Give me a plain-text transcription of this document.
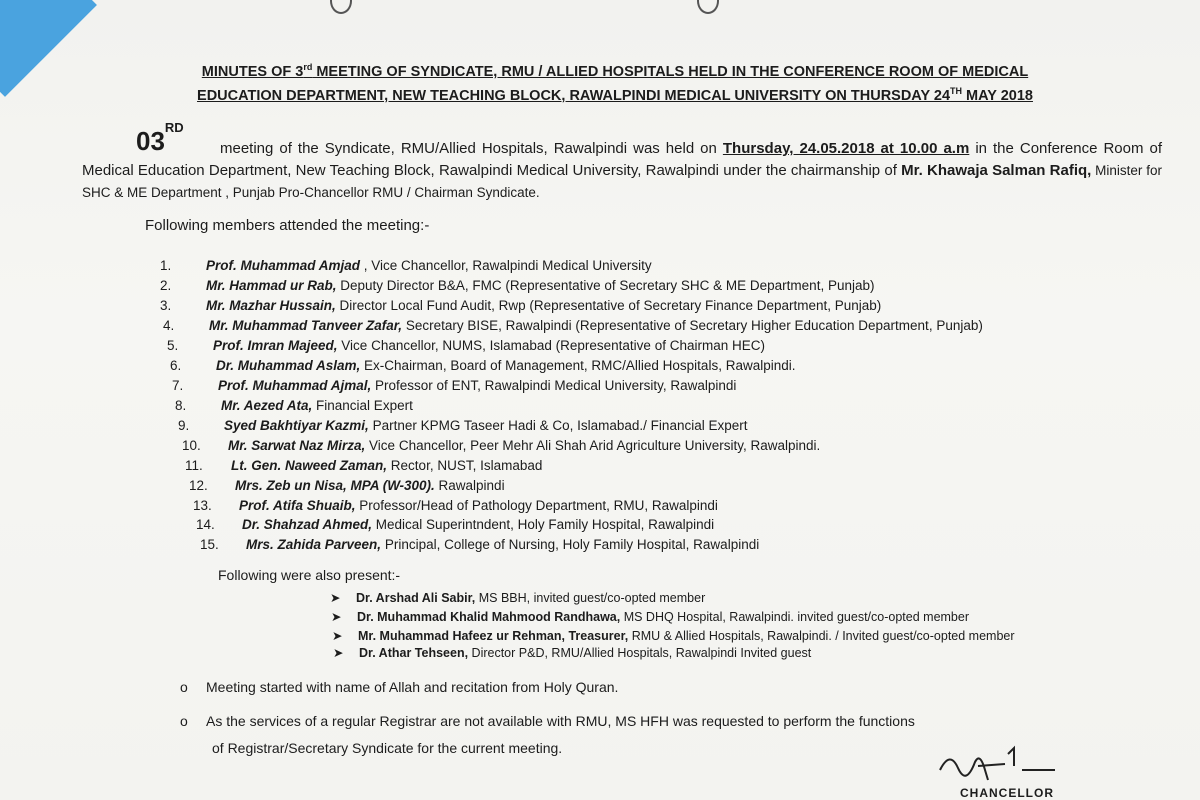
MINUTES OF 3rd MEETING OF SYNDICATE, RMU / ALLIED HOSPITALS HELD IN THE CONFERENCE ROOM OF MEDICAL
EDUCATION DEPARTMENT, NEW TEACHING BLOCK, RAWALPINDI MEDICAL UNIVERSITY ON THURSDAY 24TH MAY 2018
03RD
meeting of the Syndicate, RMU/Allied Hospitals, Rawalpindi was held on Thursday, 24.05.2018 at 10.00 a.m in the Conference Room of Medical Education Department, New Teaching Block, Rawalpindi Medical University, Rawalpindi under the chairmanship of Mr. Khawaja Salman Rafiq, Minister for SHC & ME Department , Punjab Pro-Chancellor RMU / Chairman Syndicate.
Following members attended the meeting:-
1.	Prof. Muhammad Amjad , Vice Chancellor, Rawalpindi Medical University
2.	Mr. Hammad ur Rab, Deputy Director B&A, FMC (Representative of Secretary SHC & ME Department, Punjab)
3.	Mr. Mazhar Hussain, Director Local Fund Audit, Rwp (Representative of Secretary Finance Department, Punjab)
4.	Mr. Muhammad Tanveer Zafar, Secretary BISE, Rawalpindi (Representative of Secretary Higher Education Department, Punjab)
5.	Prof. Imran Majeed, Vice Chancellor, NUMS, Islamabad (Representative of Chairman HEC)
6.	Dr. Muhammad Aslam, Ex-Chairman, Board of Management, RMC/Allied Hospitals, Rawalpindi.
7.	Prof. Muhammad Ajmal, Professor of ENT, Rawalpindi Medical University, Rawalpindi
8.	Mr. Aezed Ata, Financial Expert
9.	Syed Bakhtiyar Kazmi, Partner KPMG Taseer Hadi & Co, Islamabad./ Financial Expert
10. Mr. Sarwat Naz Mirza, Vice Chancellor, Peer Mehr Ali Shah Arid Agriculture University, Rawalpindi.
11. Lt. Gen. Naweed Zaman, Rector, NUST, Islamabad
12. Mrs. Zeb un Nisa, MPA (W-300). Rawalpindi
13. Prof. Atifa Shuaib, Professor/Head of Pathology Department, RMU, Rawalpindi
14. Dr. Shahzad Ahmed, Medical Superintndent, Holy Family Hospital, Rawalpindi
15. Mrs. Zahida Parveen, Principal, College of Nursing, Holy Family Hospital, Rawalpindi
Following were also present:-
➤ Dr. Arshad Ali Sabir, MS BBH, invited guest/co-opted member
➤ Dr. Muhammad Khalid Mahmood Randhawa, MS DHQ Hospital, Rawalpindi. invited guest/co-opted member
➤ Mr. Muhammad Hafeez ur Rehman, Treasurer, RMU & Allied Hospitals, Rawalpindi. / Invited guest/co-opted member
➤ Dr. Athar Tehseen, Director P&D, RMU/Allied Hospitals, Rawalpindi Invited guest
o Meeting started with name of Allah and recitation from Holy Quran.
o As the services of a regular Registrar are not available with RMU, MS HFH was requested to perform the functions
of Registrar/Secretary Syndicate for the current meeting.
CHANCELLOR
